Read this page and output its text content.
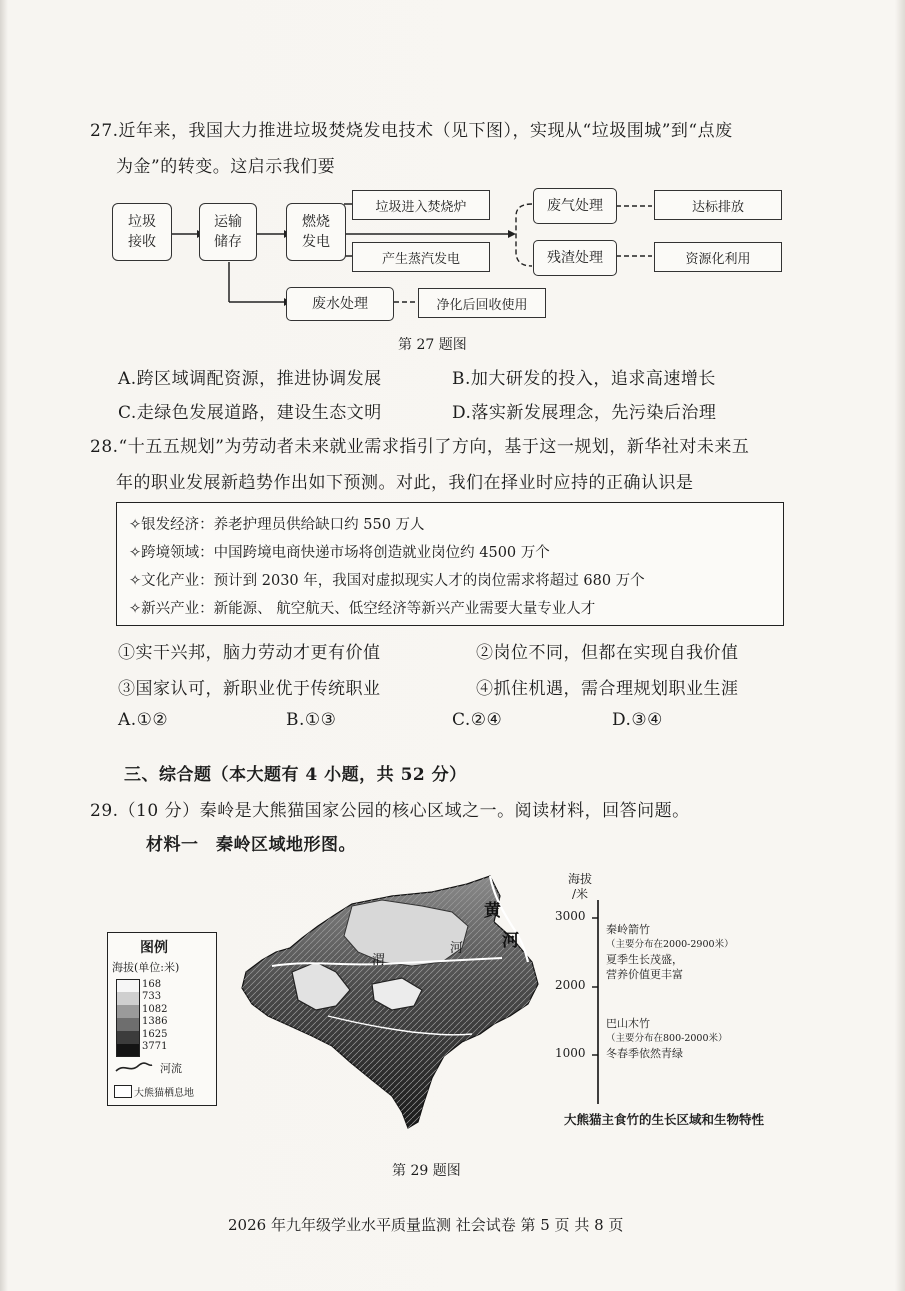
27.近年来，我国大力推进垃圾焚烧发电技术（见下图），实现从“垃圾围城”到“点废
为金”的转变。这启示我们要
垃圾
接收
运输
储存
燃烧
发电
垃圾进入焚烧炉
产生蒸汽发电
废气处理	达标排放
残渣处理	资源化利用
废水处理	净化后回收使用
第 27 题图
A.跨区域调配资源，推进协调发展	B.加大研发的投入，追求高速增长
C.走绿色发展道路，建设生态文明	D.落实新发展理念，先污染后治理
28.“十五五规划”为劳动者未来就业需求指引了方向，基于这一规划，新华社对未来五
年的职业发展新趋势作出如下预测。对此，我们在择业时应持的正确认识是
✧银发经济：养老护理员供给缺口约 550 万人
✧跨境领域：中国跨境电商快递市场将创造就业岗位约 4500 万个
✧文化产业：预计到 2030 年，我国对虚拟现实人才的岗位需求将超过 680 万个
✧新兴产业：新能源、 航空航天、低空经济等新兴产业需要大量专业人才
①实干兴邦，脑力劳动才更有价值	②岗位不同，但都在实现自我价值
③国家认可，新职业优于传统职业	④抓住机遇，需合理规划职业生涯
A.①②	B.①③	C.②④	D.③④
三、综合题（本大题有 4 小题，共 52 分）
29.（10 分）秦岭是大熊猫国家公园的核心区域之一。阅读材料，回答问题。
材料一　秦岭区域地形图。
图例
海拔(单位:米)
168
733
1082
1386
1625
3771
河流
大熊猫栖息地
黄
河
渭
河
海拔
/米
3000
2000
1000
秦岭箭竹
（主要分布在2000-2900米）
夏季生长茂盛，
营养价值更丰富
巴山木竹
（主要分布在800-2000米）
冬春季依然青绿
大熊猫主食竹的生长区域和生物特性
第 29 题图
2026 年九年级学业水平质量监测 社会试卷 第 5 页 共 8 页
